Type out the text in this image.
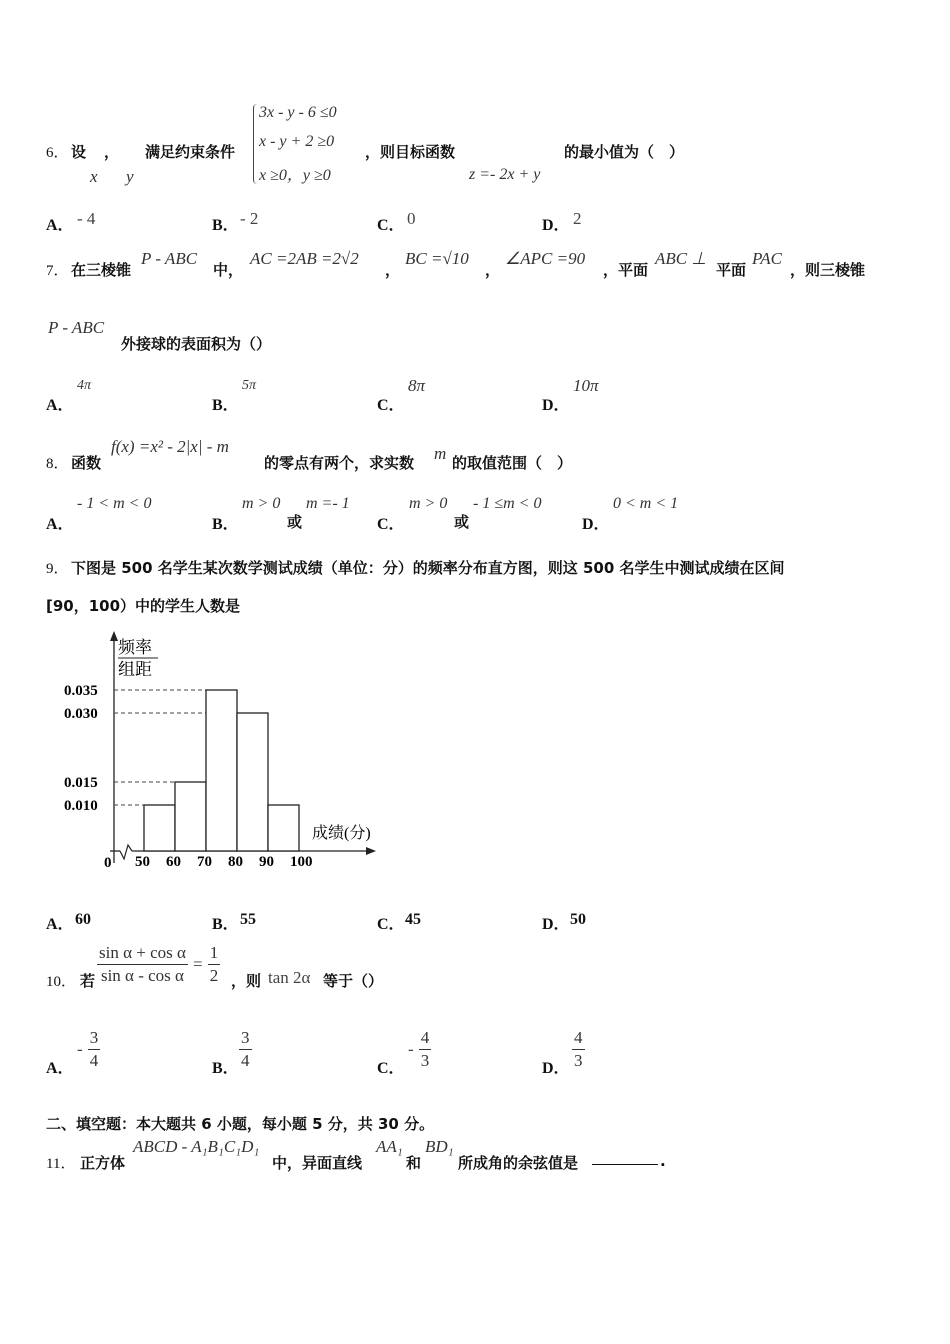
6． 设 ， 满足约束条件
x y
3x - y - 6 ≤0
x - y + 2 ≥0
x ≥0，y ≥0
，则目标函数
z =- 2x + y
的最小值为（　）
A． - 4	B． - 2	C． 0	D． 2
7． 在三棱锥
P - ABC
中，
AC =2AB =2√2
，
BC =√10
，
∠APC =90
，平面
ABC ⊥
平面
PAC
，则三棱锥
P - ABC
外接球的表面积为（）
A．
4π
B．
5π
C．
8π
D．
10π
8． 函数
f(x) =x² - 2|x| - m
的零点有两个，求实数 m 的取值范围（　）
A．
- 1 < m < 0
B．
m > 0
或
m =- 1
C．
m > 0
或
- 1 ≤m < 0
D．
0 < m < 1
9． 下图是 500 名学生某次数学测试成绩（单位：分）的频率分布直方图，则这 500 名学生中测试成绩在区间
[90，100）中的学生人数是
频率
组距
成绩(分)
0 50 60 70 80 90 100
0.035
0.030
0.015
0.010
A． 60	B． 55	C． 45	D． 50
10． 若 $\frac{\text{sin α + cos α}}{\text{sin α - cos α}} = \frac{1}{2}$ ，则 tan 2α 等于（）
A．
- $\frac{3}{4}$	B． $\frac{3}{4}$	C．
- $\frac{4}{3}$	D． $\frac{4}{3}$
二、填空题：本大题共 6 小题，每小题 5 分，共 30 分。
11． 正方体
ABCD - A₁B₁C₁D₁
中，异面直线
AA₁
和
BD₁
所成角的余弦值是	.
